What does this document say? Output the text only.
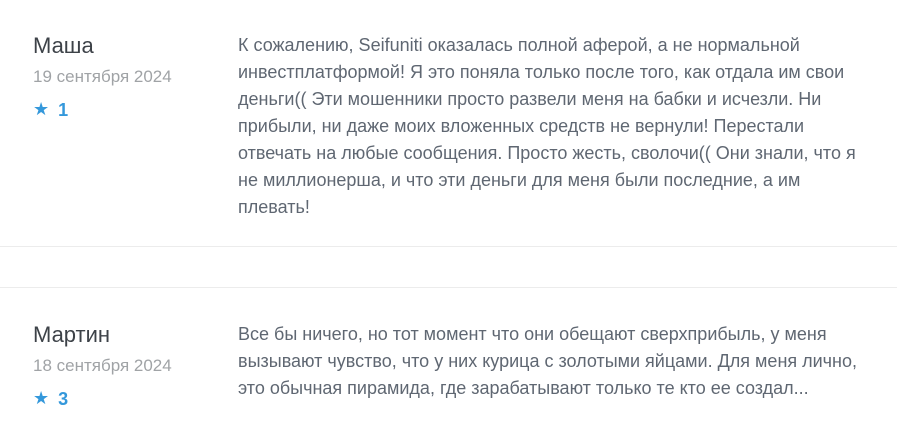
Маша
19 сентября 2024
★ 1
К сожалению, Seifuniti оказалась полной аферой, а не нормальной инвестплатформой! Я это поняла только после того, как отдала им свои деньги(( Эти мошенники просто развели меня на бабки и исчезли. Ни прибыли, ни даже моих вложенных средств не вернули! Перестали отвечать на любые сообщения. Просто жесть, сволочи(( Они знали, что я не миллионерша, и что эти деньги для меня были последние, а им плевать!
Мартин
18 сентября 2024
★ 3
Все бы ничего, но тот момент что они обещают сверхприбыль, у меня вызывают чувство, что у них курица с золотыми яйцами. Для меня лично, это обычная пирамида, где зарабатывают только те кто ее создал...
